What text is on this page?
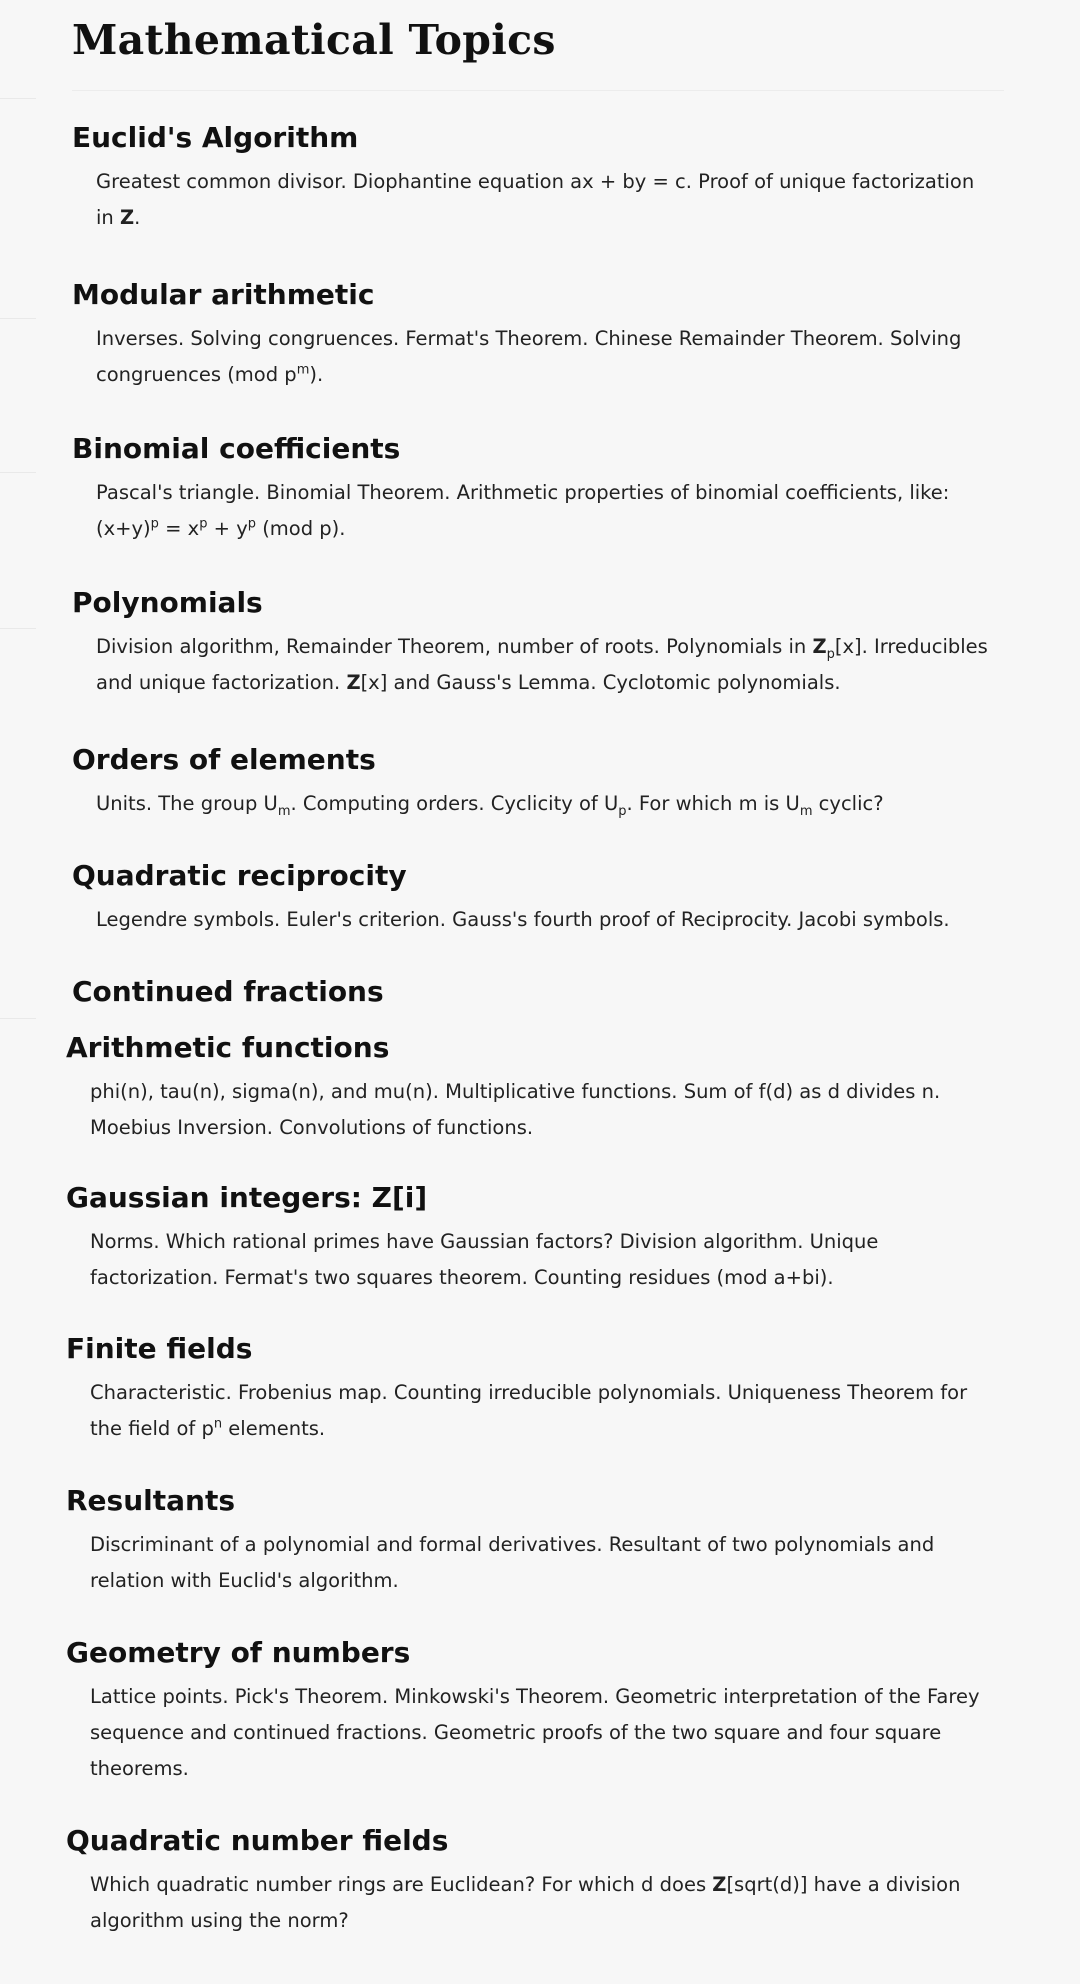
Mathematical Topics
Euclid's Algorithm

Greatest common divisor. Diophantine equation ax + by = c. Proof of unique factorization in Z.

Modular arithmetic

Inverses. Solving congruences. Fermat's Theorem. Chinese Remainder Theorem. Solving congruences (mod $p^m$).

Binomial coefficients

Pascal's triangle. Binomial Theorem. Arithmetic properties of binomial coefficients, like: $(x+y)^p = x^p + y^p$ (mod p).

Polynomials

Division algorithm, Remainder Theorem, number of roots. Polynomials in $Z_p[x]$. Irreducibles and unique factorization. Z[x] and Gauss's Lemma. Cyclotomic polynomials.

Orders of elements

Units. The group $U_m$. Computing orders. Cyclicity of $U_p$. For which m is $U_m$ cyclic?

Quadratic reciprocity

Legendre symbols. Euler's criterion. Gauss's fourth proof of Reciprocity. Jacobi symbols.

Continued fractions
Arithmetic functions

phi(n), tau(n), sigma(n), and mu(n). Multiplicative functions. Sum of f(d) as d divides n. Moebius Inversion. Convolutions of functions.

Gaussian integers: Z[i]

Norms. Which rational primes have Gaussian factors? Division algorithm. Unique factorization. Fermat's two squares theorem. Counting residues (mod a+bi).

Finite fields

Characteristic. Frobenius map. Counting irreducible polynomials. Uniqueness Theorem for the field of $p^n$ elements.

Resultants

Discriminant of a polynomial and formal derivatives. Resultant of two polynomials and relation with Euclid's algorithm.

Geometry of numbers

Lattice points. Pick's Theorem. Minkowski's Theorem. Geometric interpretation of the Farey sequence and continued fractions. Geometric proofs of the two square and four square theorems.

Quadratic number fields

Which quadratic number rings are Euclidean? For which d does Z[sqrt(d)] have a division algorithm using the norm?
